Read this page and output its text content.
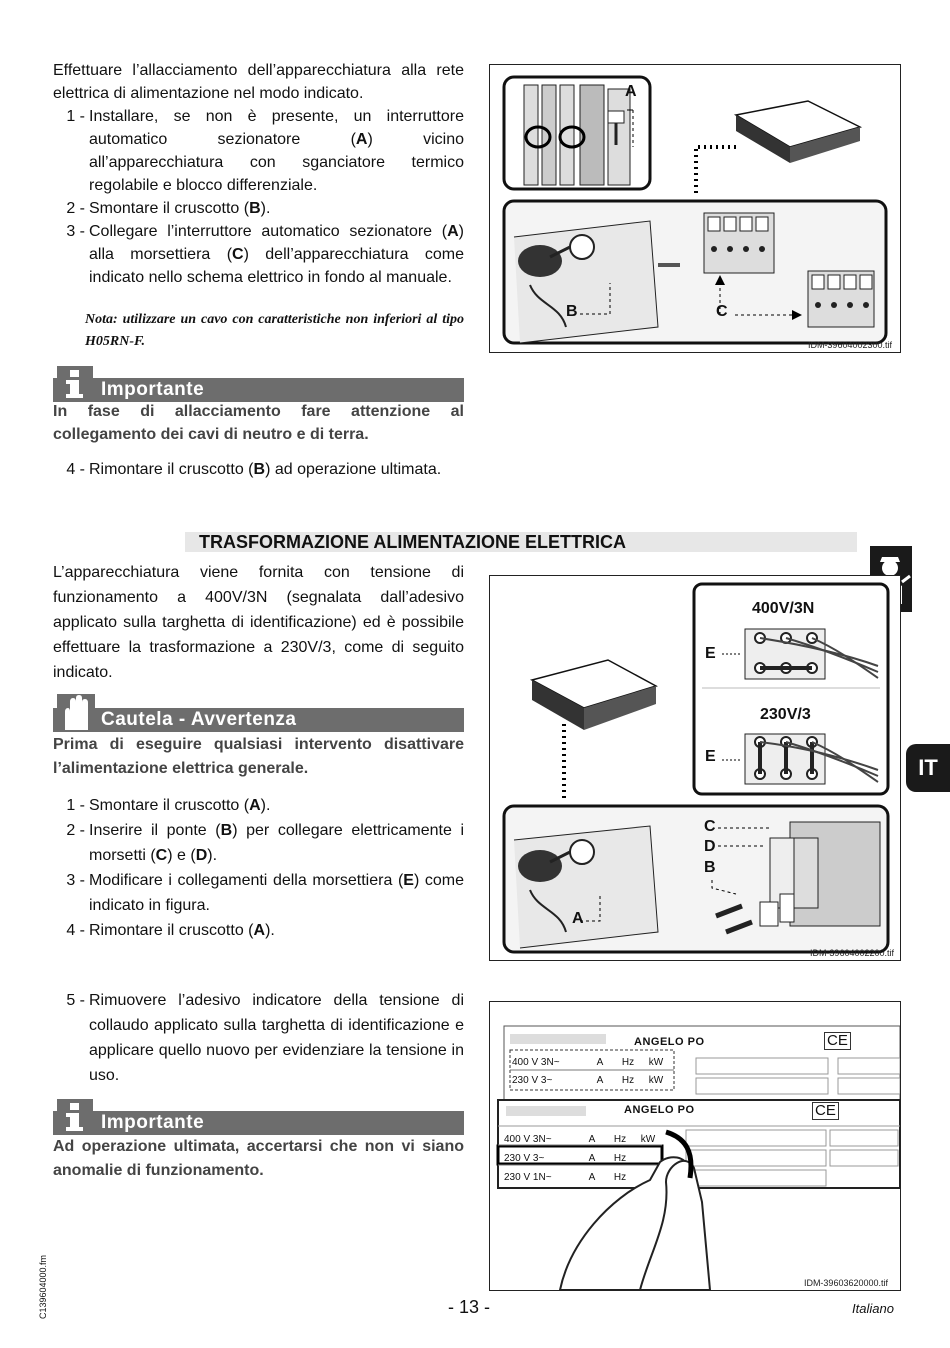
Effettuare l’allacciamento dell’apparecchiatura alla rete elettrica di alimentazione nel modo indicato.
1 - Installare, se non è presente, un interruttore automatico sezionatore (A) vicino all’apparecchiatura con sganciatore termico regolabile e blocco differenziale.
2 - Smontare il cruscotto (B).
3 - Collegare l’interruttore automatico sezionatore (A) alla morsettiera (C) dell’apparecchiatura come indicato nello schema elettrico in fondo al manuale.
Nota: utilizzare un cavo con caratteristiche non inferiori al tipo H05RN-F.
Importante
In fase di allacciamento fare attenzione al collegamento dei cavi di neutro e di terra.
4 - Rimontare il cruscotto (B) ad operazione ultimata.
A
B	C
IDM-39604002300.tif
TRASFORMAZIONE ALIMENTAZIONE ELETTRICA
IT
L’apparecchiatura viene fornita con tensione di funzionamento a 400V/3N (segnalata dall’adesivo applicato sulla targhetta di identificazione) ed è possibile effettuare la trasformazione a 230V/3, come di seguito indicato.
Cautela - Avvertenza
Prima di eseguire qualsiasi intervento disattivare l’alimentazione elettrica generale.
1 - Smontare il cruscotto (A).
2 - Inserire il ponte (B) per collegare elettricamente i morsetti (C) e (D).
3 - Modificare i collegamenti della morsettiera (E) come indicato in figura.
4 - Rimontare il cruscotto (A).
400V/3N
230V/3
E
E
C
D
B
A
IDM-39604002200.tif
5 - Rimuovere l’adesivo indicatore della tensione di collaudo applicato sulla targhetta di identificazione e applicare quello nuovo per evidenziare la tensione in uso.
Importante
Ad operazione ultimata, accertarsi che non vi siano anomalie di funzionamento.
ANGELO PO	CE
ANGELO PO	CE
400 V 3N~	A	Hz	kW
230 V 3~	A	Hz	kW
400 V 3N~	A	Hz	kW
230 V 3~	A	Hz
230 V 1N~	A	Hz
IDM-39603620000.tif
C139604000.fm	- 13 -	Italiano
